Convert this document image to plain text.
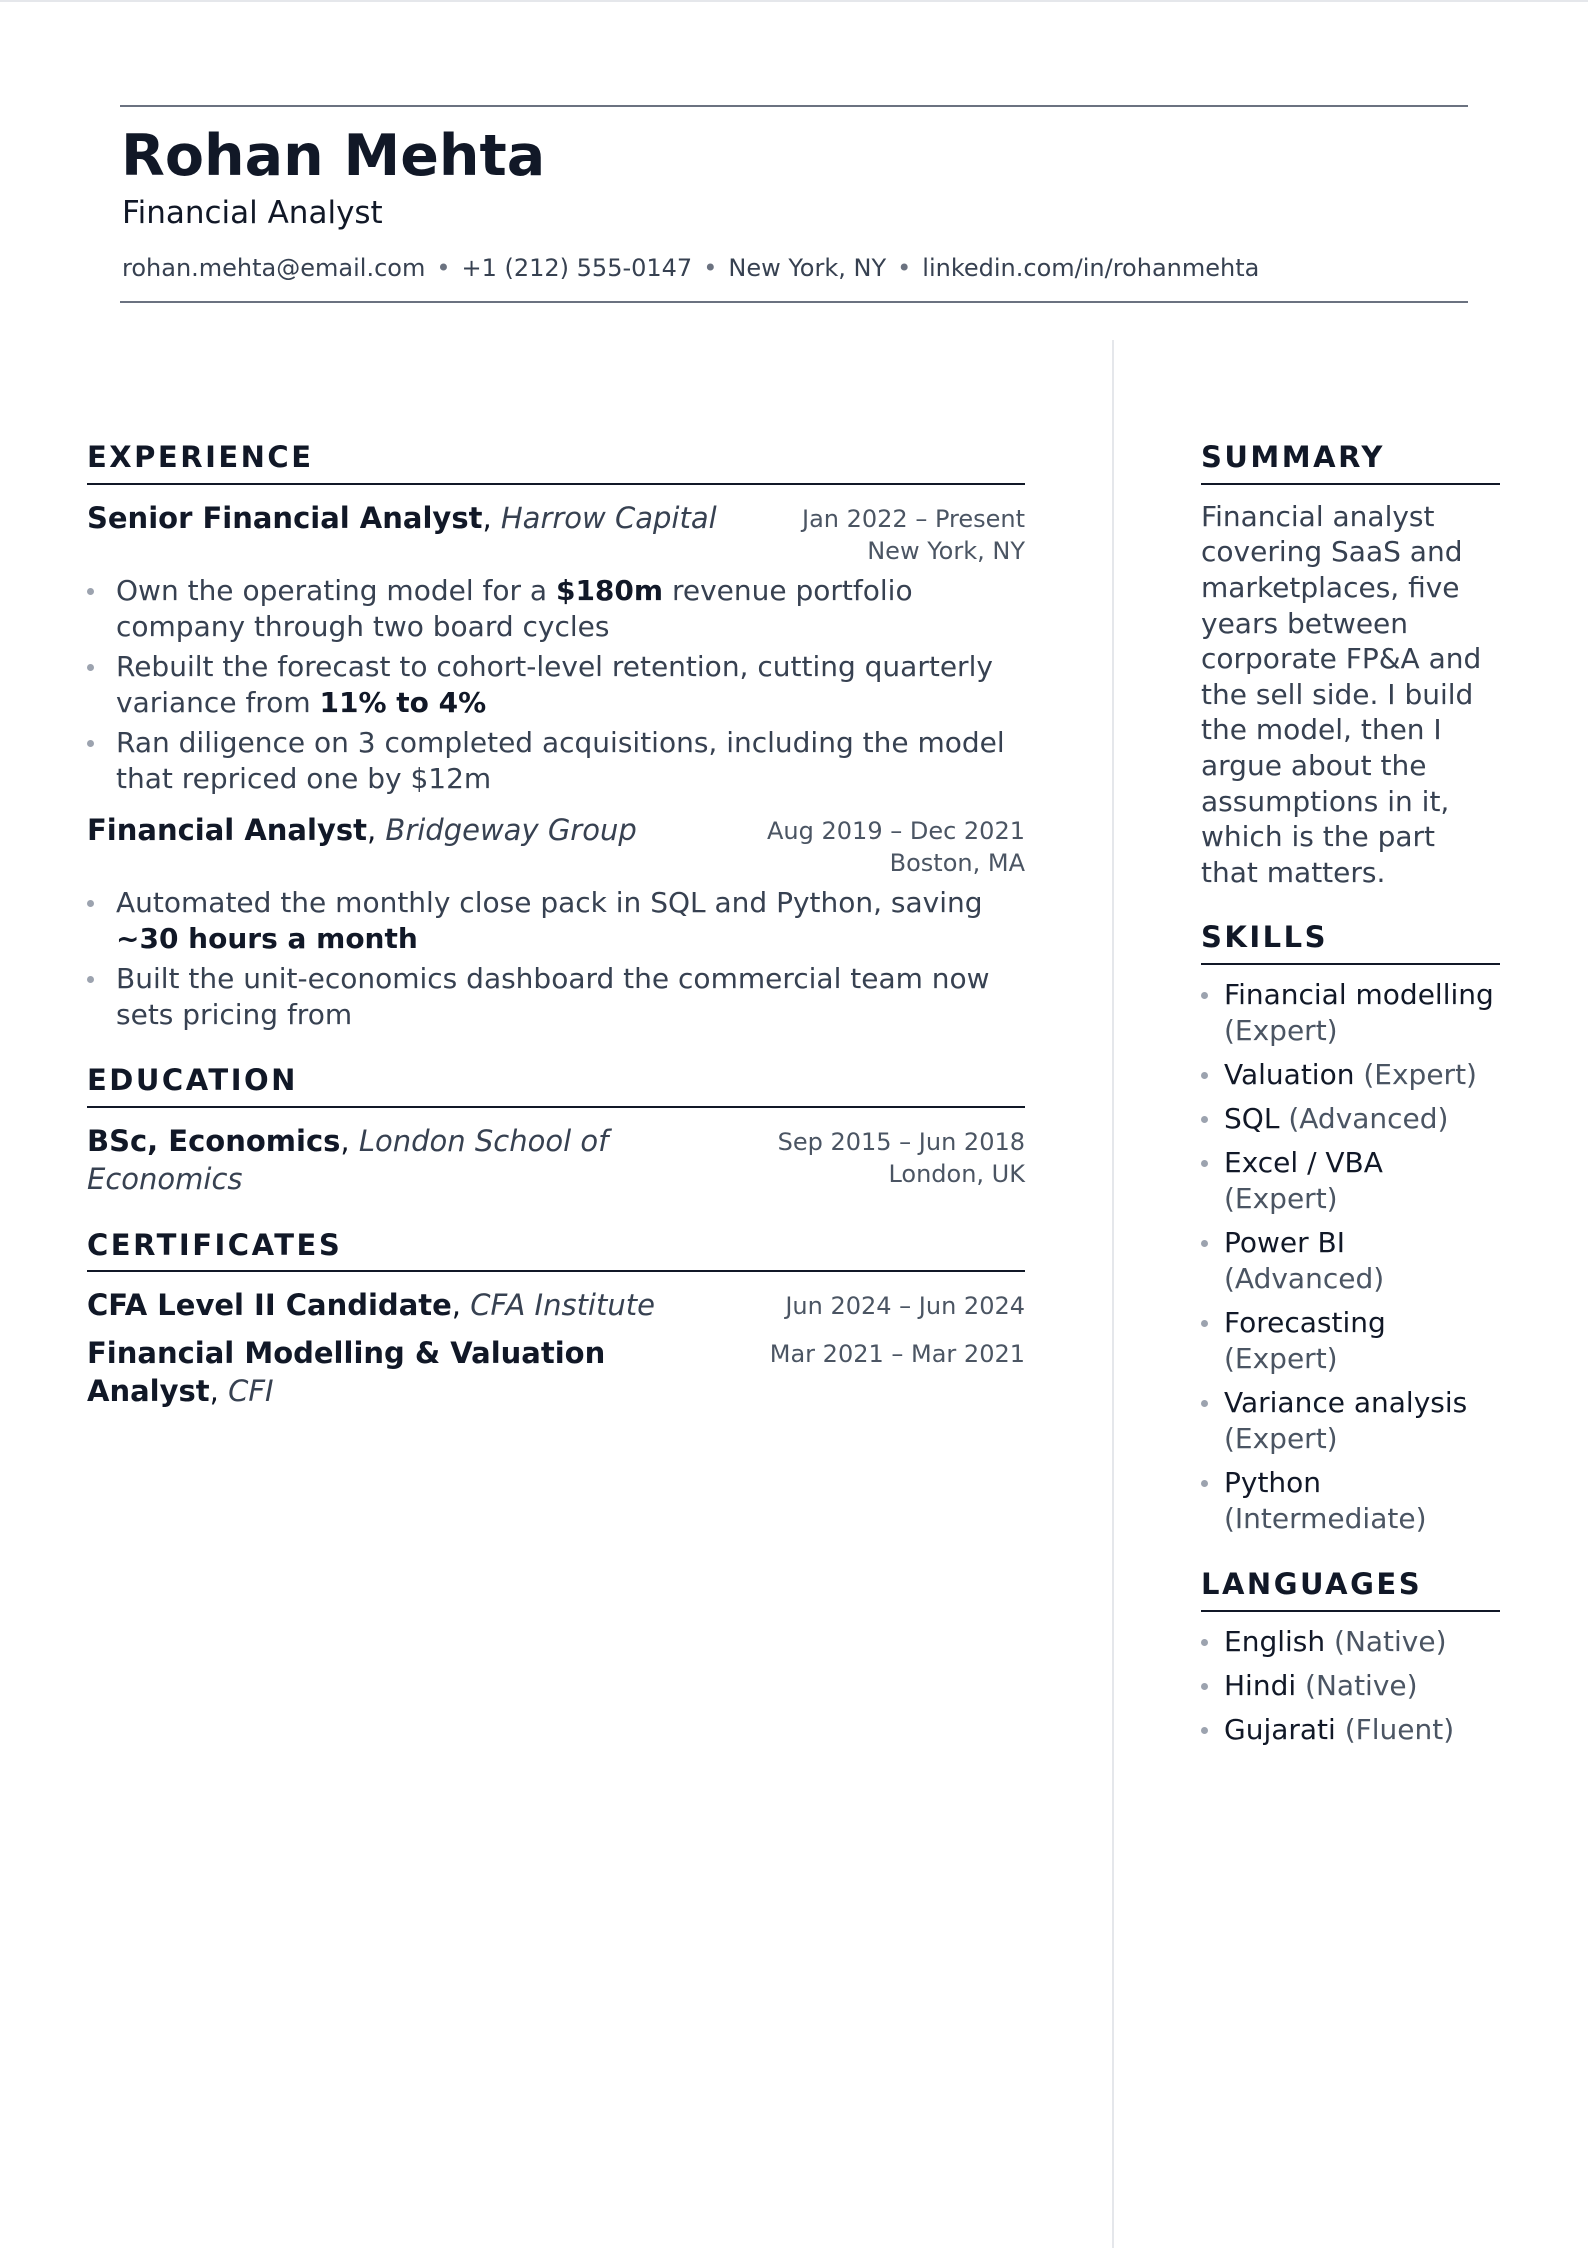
Rohan Mehta
Financial Analyst
rohan.mehta@email.com • +1 (212) 555-0147 • New York, NY • linkedin.com/in/rohanmehta
EXPERIENCE
Senior Financial Analyst, Harrow Capital	Jan 2022 – Present
New York, NY
Own the operating model for a $180m revenue portfolio company through two board cycles
Rebuilt the forecast to cohort-level retention, cutting quarterly variance from 11% to 4%
Ran diligence on 3 completed acquisitions, including the model that repriced one by $12m
Financial Analyst, Bridgeway Group	Aug 2019 – Dec 2021
Boston, MA
Automated the monthly close pack in SQL and Python, saving ~30 hours a month
Built the unit-economics dashboard the commercial team now sets pricing from
EDUCATION
BSc, Economics, London School of Economics
Sep 2015 – Jun 2018
London, UK
CERTIFICATES
CFA Level II Candidate, CFA Institute	Jun 2024 – Jun 2024
Financial Modelling & Valuation Analyst, CFI
Mar 2021 – Mar 2021
SUMMARY

Financial analyst covering SaaS and marketplaces, five years between corporate FP&A and the sell side. I build the model, then I argue about the assumptions in it, which is the part that matters.

SKILLS
Financial modelling (Expert)
Valuation (Expert)
SQL (Advanced)
Excel / VBA (Expert)
Power BI (Advanced)
Forecasting (Expert)
Variance analysis (Expert)
Python (Intermediate)
LANGUAGES
English (Native)
Hindi (Native)
Gujarati (Fluent)
